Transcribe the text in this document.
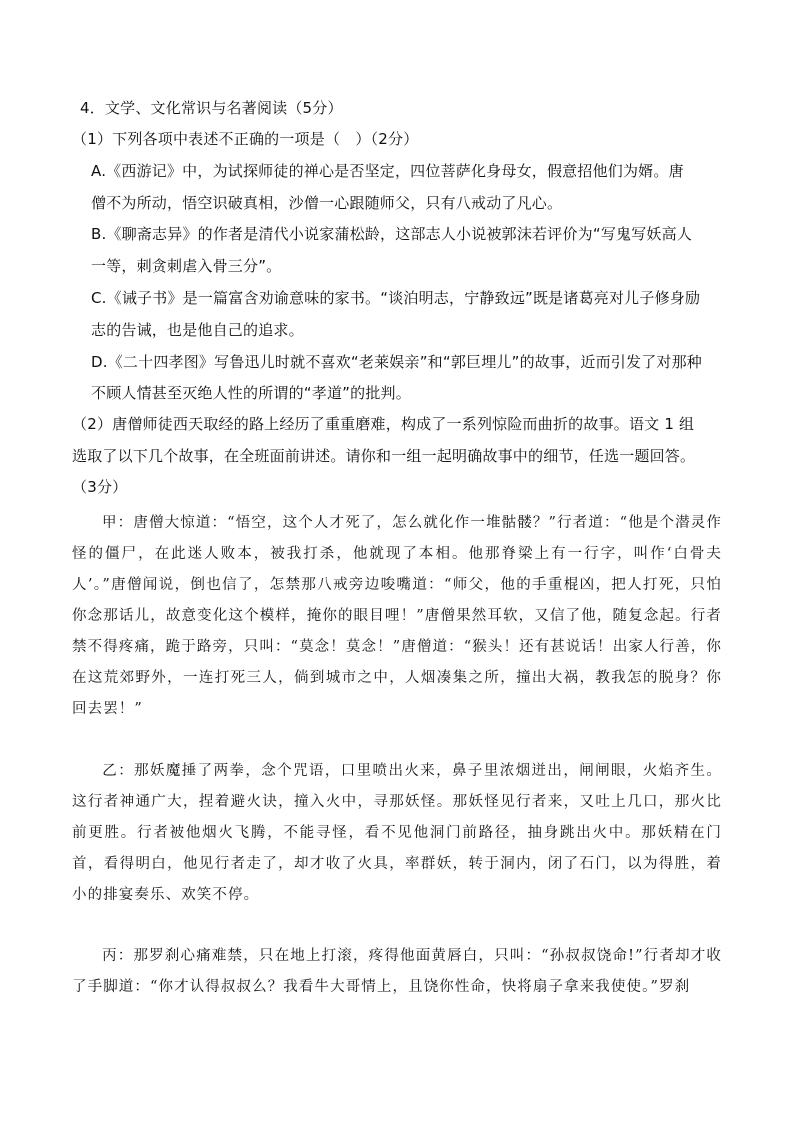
4．文学、文化常识与名著阅读（5分）
（1）下列各项中表述不正确的一项是（　）（2分）
A.《西游记》中，为试探师徒的禅心是否坚定，四位菩萨化身母女，假意招他们为婿。唐
僧不为所动，悟空识破真相，沙僧一心跟随师父，只有八戒动了凡心。
B.《聊斋志异》的作者是清代小说家蒲松龄，这部志人小说被郭沫若评价为“写鬼写妖高人
一等，刺贪刺虐入骨三分”。
C.《诫子书》是一篇富含劝谕意味的家书。“谈泊明志，宁静致远”既是诸葛亮对儿子修身励
志的告诫，也是他自己的追求。
D.《二十四孝图》写鲁迅儿时就不喜欢“老莱娱亲”和“郭巨埋儿”的故事，近而引发了对那种
不顾人情甚至灭绝人性的所谓的“孝道”的批判。
（2）唐僧师徒西天取经的路上经历了重重磨难，构成了一系列惊险而曲折的故事。语文 1 组
选取了以下几个故事，在全班面前讲述。请你和一组一起明确故事中的细节，任选一题回答。
（3分）
甲：唐僧大惊道：“悟空，这个人才死了，怎么就化作一堆骷髅？”行者道：“他是个潜灵作怪的僵尸，在此迷人败本，被我打杀，他就现了本相。他那脊梁上有一行字，叫作‘白骨夫人’。”唐僧闻说，倒也信了，怎禁那八戒旁边唆嘴道：“师父，他的手重棍凶，把人打死，只怕你念那话儿，故意变化这个模样，掩你的眼目哩！”唐僧果然耳软，又信了他，随复念起。行者禁不得疼痛，跪于路旁，只叫：“莫念！莫念！”唐僧道：“猴头！还有甚说话！出家人行善，你在这荒郊野外，一连打死三人，倘到城市之中，人烟凑集之所，撞出大祸，教我怎的脱身？你回去罢！”
乙：那妖魔捶了两拳，念个咒语，口里喷出火来，鼻子里浓烟迸出，闸闸眼，火焰齐生。这行者神通广大，捏着避火诀，撞入火中，寻那妖怪。那妖怪见行者来，又吐上几口，那火比前更胜。行者被他烟火飞腾，不能寻怪，看不见他洞门前路径，抽身跳出火中。那妖精在门首，看得明白，他见行者走了，却才收了火具，率群妖，转于洞内，闭了石门，以为得胜，着小的排宴奏乐、欢笑不停。
丙：那罗刹心痛难禁，只在地上打滚，疼得他面黄唇白，只叫：“孙叔叔饶命!”行者却才收了手脚道：“你才认得叔叔么？我看牛大哥情上，且饶你性命，快将扇子拿来我使使。”罗刹
